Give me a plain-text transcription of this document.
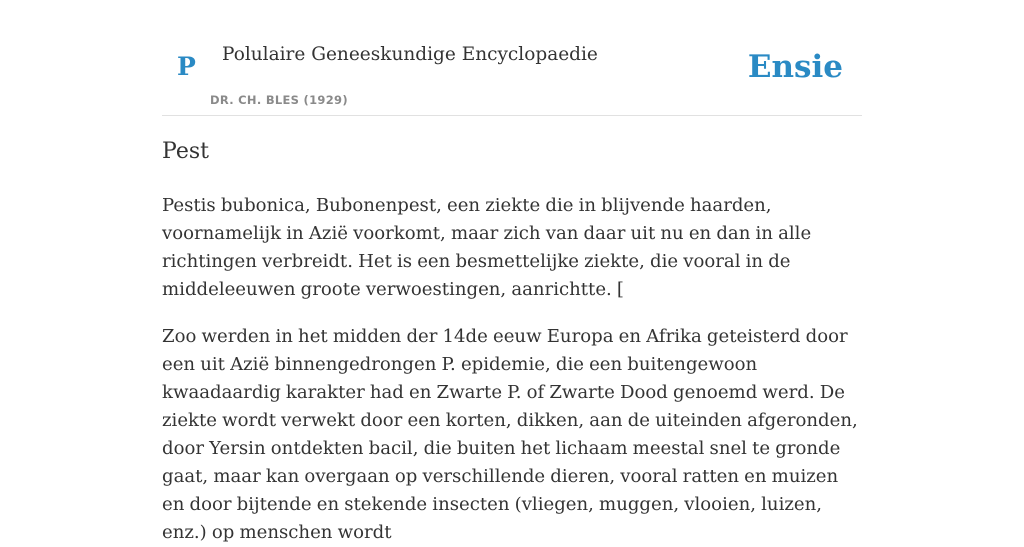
P Polulaire Geneeskundige Encyclopaedie
DR. CH. BLES (1929)
Ensie
Pest

Pestis bubonica, Bubonenpest, een ziekte die in blijvende haarden, voornamelijk in Azië voorkomt, maar zich van daar uit nu en dan in alle richtingen verbreidt. Het is een besmettelijke ziekte, die vooral in de middeleeuwen groote verwoestingen, aanrichtte. [

Zoo werden in het midden der 14de eeuw Europa en Afrika geteisterd door een uit Azië binnengedrongen P. epidemie, die een buitengewoon kwaadaardig karakter had en Zwarte P. of Zwarte Dood genoemd werd. De ziekte wordt verwekt door een korten, dikken, aan de uiteinden afgeronden, door Yersin ontdekten bacil, die buiten het lichaam meestal snel te gronde gaat, maar kan overgaan op verschillende dieren, vooral ratten en muizen en door bijtende en stekende insecten (vliegen, muggen, vlooien, luizen, enz.) op menschen wordt
